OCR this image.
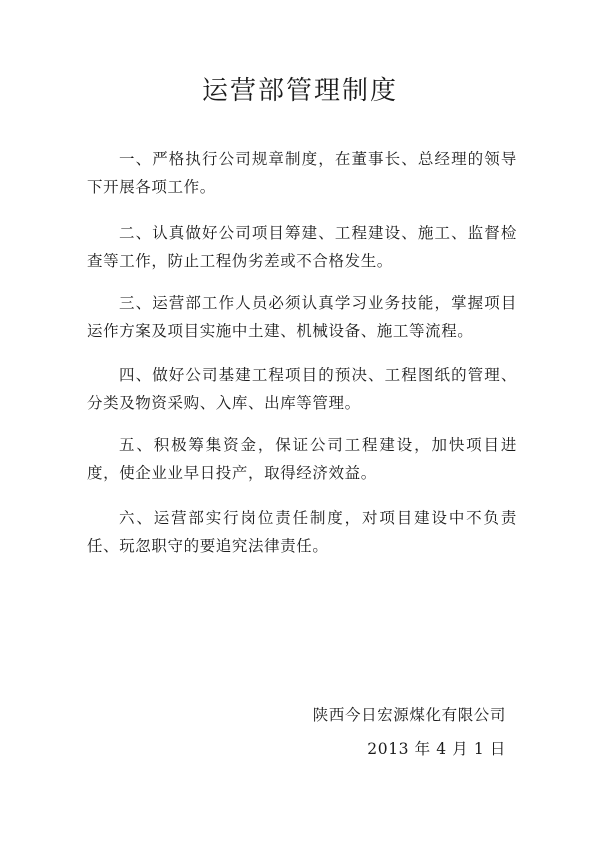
运营部管理制度

一、严格执行公司规章制度，在董事长、总经理的领导下开展各项工作。

二、认真做好公司项目筹建、工程建设、施工、监督检查等工作，防止工程伪劣差或不合格发生。

三、运营部工作人员必须认真学习业务技能，掌握项目运作方案及项目实施中土建、机械设备、施工等流程。

四、做好公司基建工程项目的预决、工程图纸的管理、分类及物资采购、入库、出库等管理。

五、积极筹集资金，保证公司工程建设，加快项目进度，使企业业早日投产，取得经济效益。

六、运营部实行岗位责任制度，对项目建设中不负责任、玩忽职守的要追究法律责任。

陕西今日宏源煤化有限公司
2013 年 4 月 1 日
